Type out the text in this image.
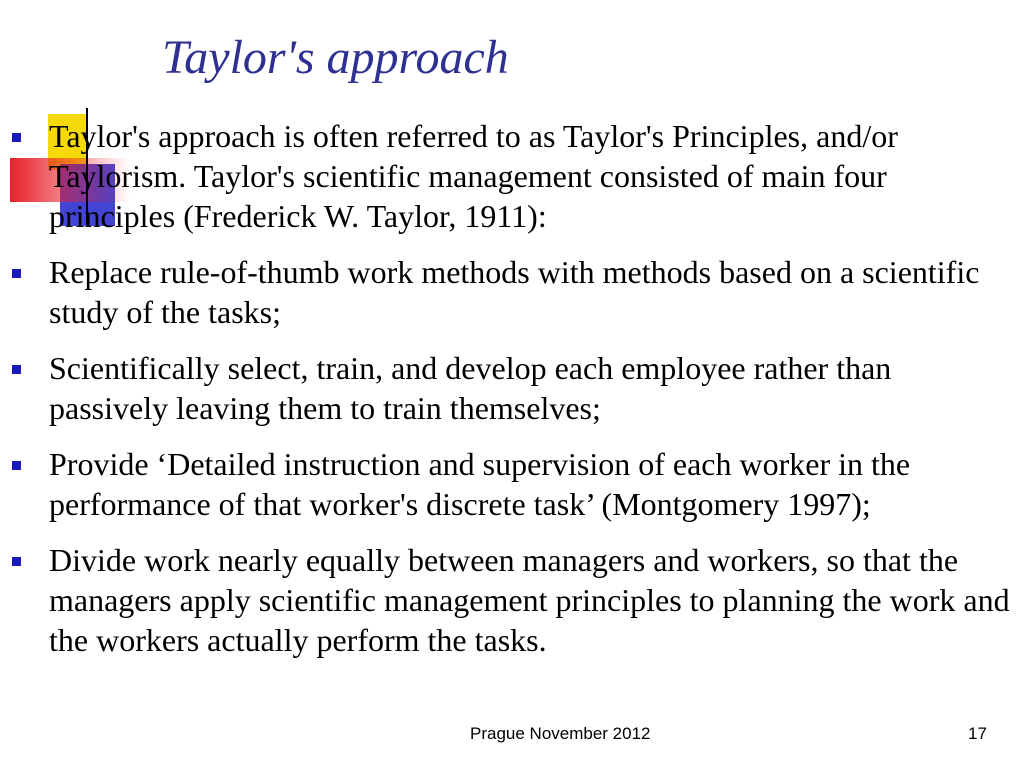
Taylor's approach
Taylor's approach is often referred to as Taylor's Principles, and/or Taylorism. Taylor's scientific management consisted of main four principles (Frederick W. Taylor, 1911):
Replace rule-of-thumb work methods with methods based on a scientific study of the tasks;
Scientifically select, train, and develop each employee rather than passively leaving them to train themselves;
Provide ‘Detailed instruction and supervision of each worker in the performance of that worker's discrete task’ (Montgomery 1997);
Divide work nearly equally between managers and workers, so that the managers apply scientific management principles to planning the work and the workers actually perform the tasks.
Prague November 2012	17
